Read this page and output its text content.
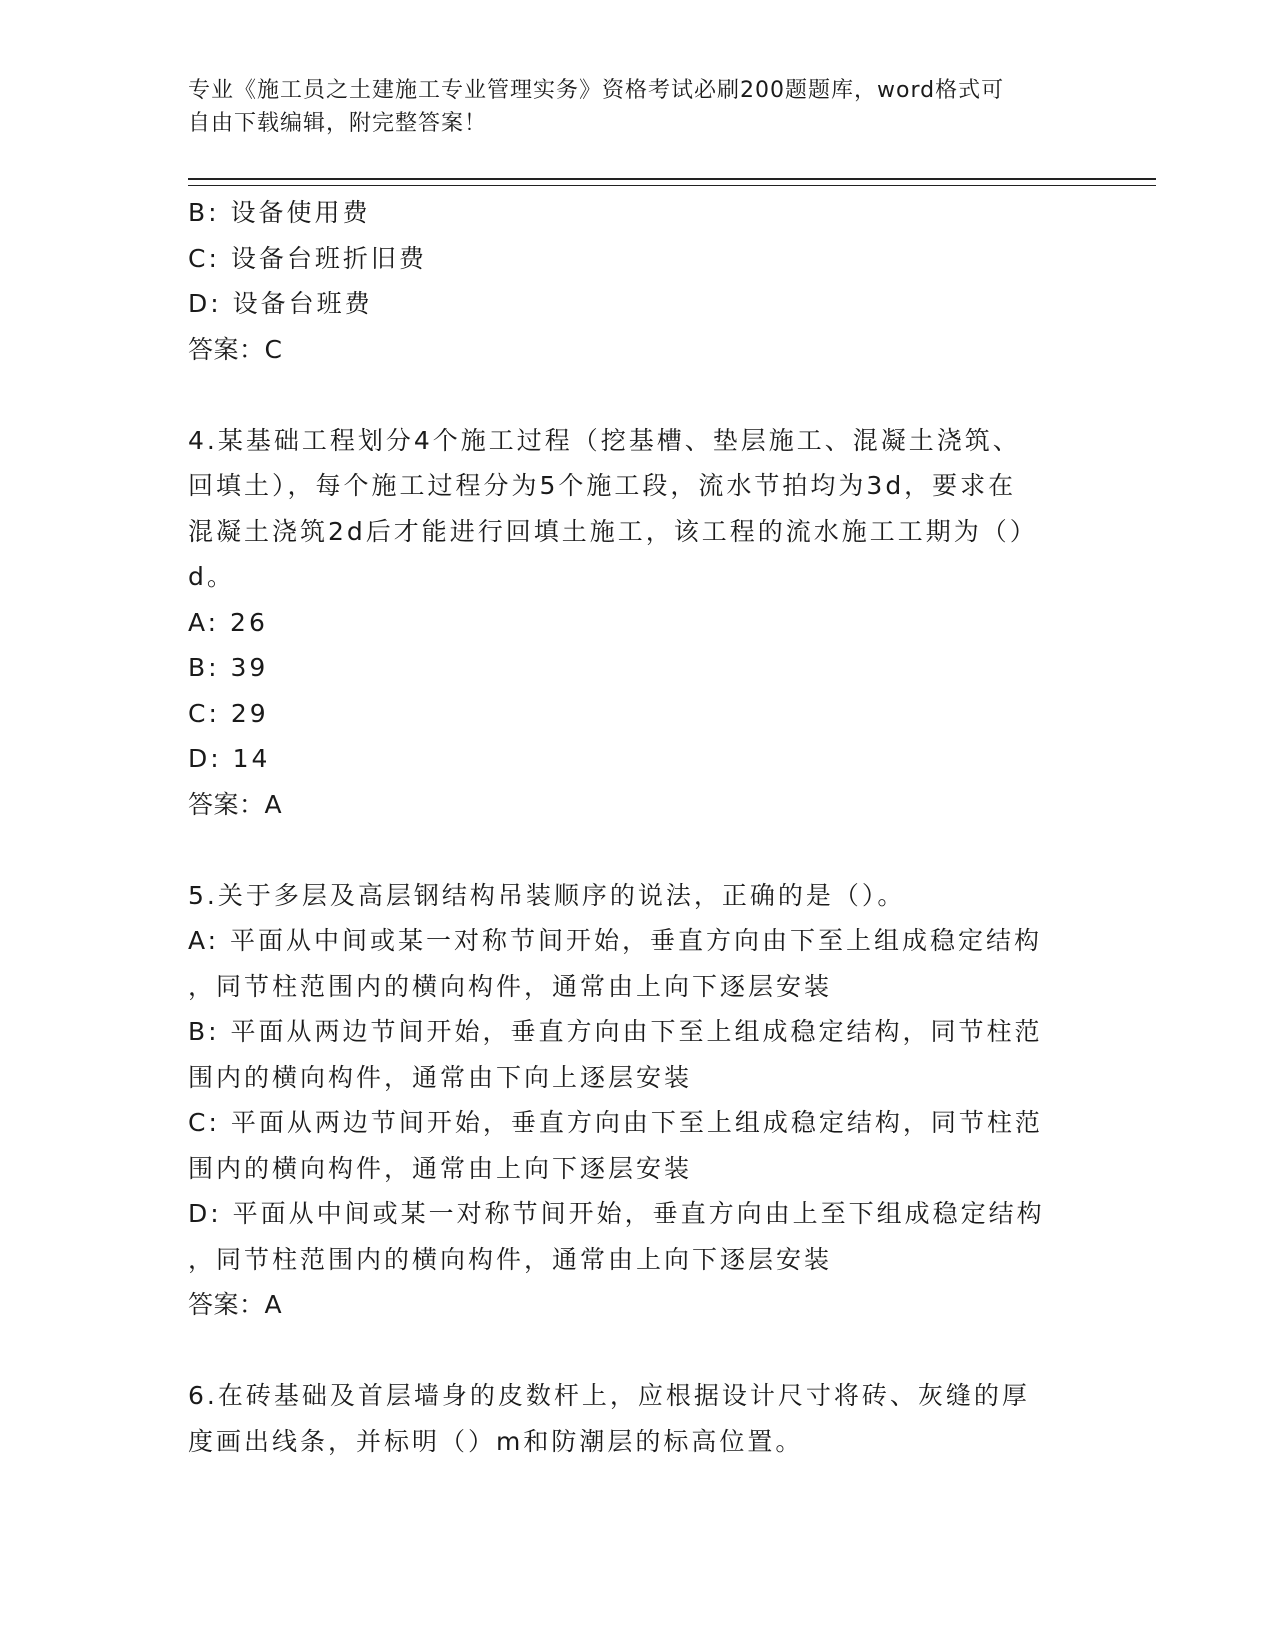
专业《施工员之土建施工专业管理实务》资格考试必刷200题题库，word格式可
自由下载编辑，附完整答案！
B: 设备使用费
C: 设备台班折旧费
D: 设备台班费
答案：C
4.某基础工程划分4个施工过程（挖基槽、垫层施工、混凝土浇筑、
回填土），每个施工过程分为5个施工段，流水节拍均为3d，要求在
混凝土浇筑2d后才能进行回填土施工，该工程的流水施工工期为（）
d。
A: 26
B: 39
C: 29
D: 14
答案：A
5.关于多层及高层钢结构吊装顺序的说法，正确的是（）。
A: 平面从中间或某一对称节间开始，垂直方向由下至上组成稳定结构
，同节柱范围内的横向构件，通常由上向下逐层安装
B: 平面从两边节间开始，垂直方向由下至上组成稳定结构，同节柱范
围内的横向构件，通常由下向上逐层安装
C: 平面从两边节间开始，垂直方向由下至上组成稳定结构，同节柱范
围内的横向构件，通常由上向下逐层安装
D: 平面从中间或某一对称节间开始，垂直方向由上至下组成稳定结构
，同节柱范围内的横向构件，通常由上向下逐层安装
答案：A
6.在砖基础及首层墙身的皮数杆上，应根据设计尺寸将砖、灰缝的厚
度画出线条，并标明（）m和防潮层的标高位置。
